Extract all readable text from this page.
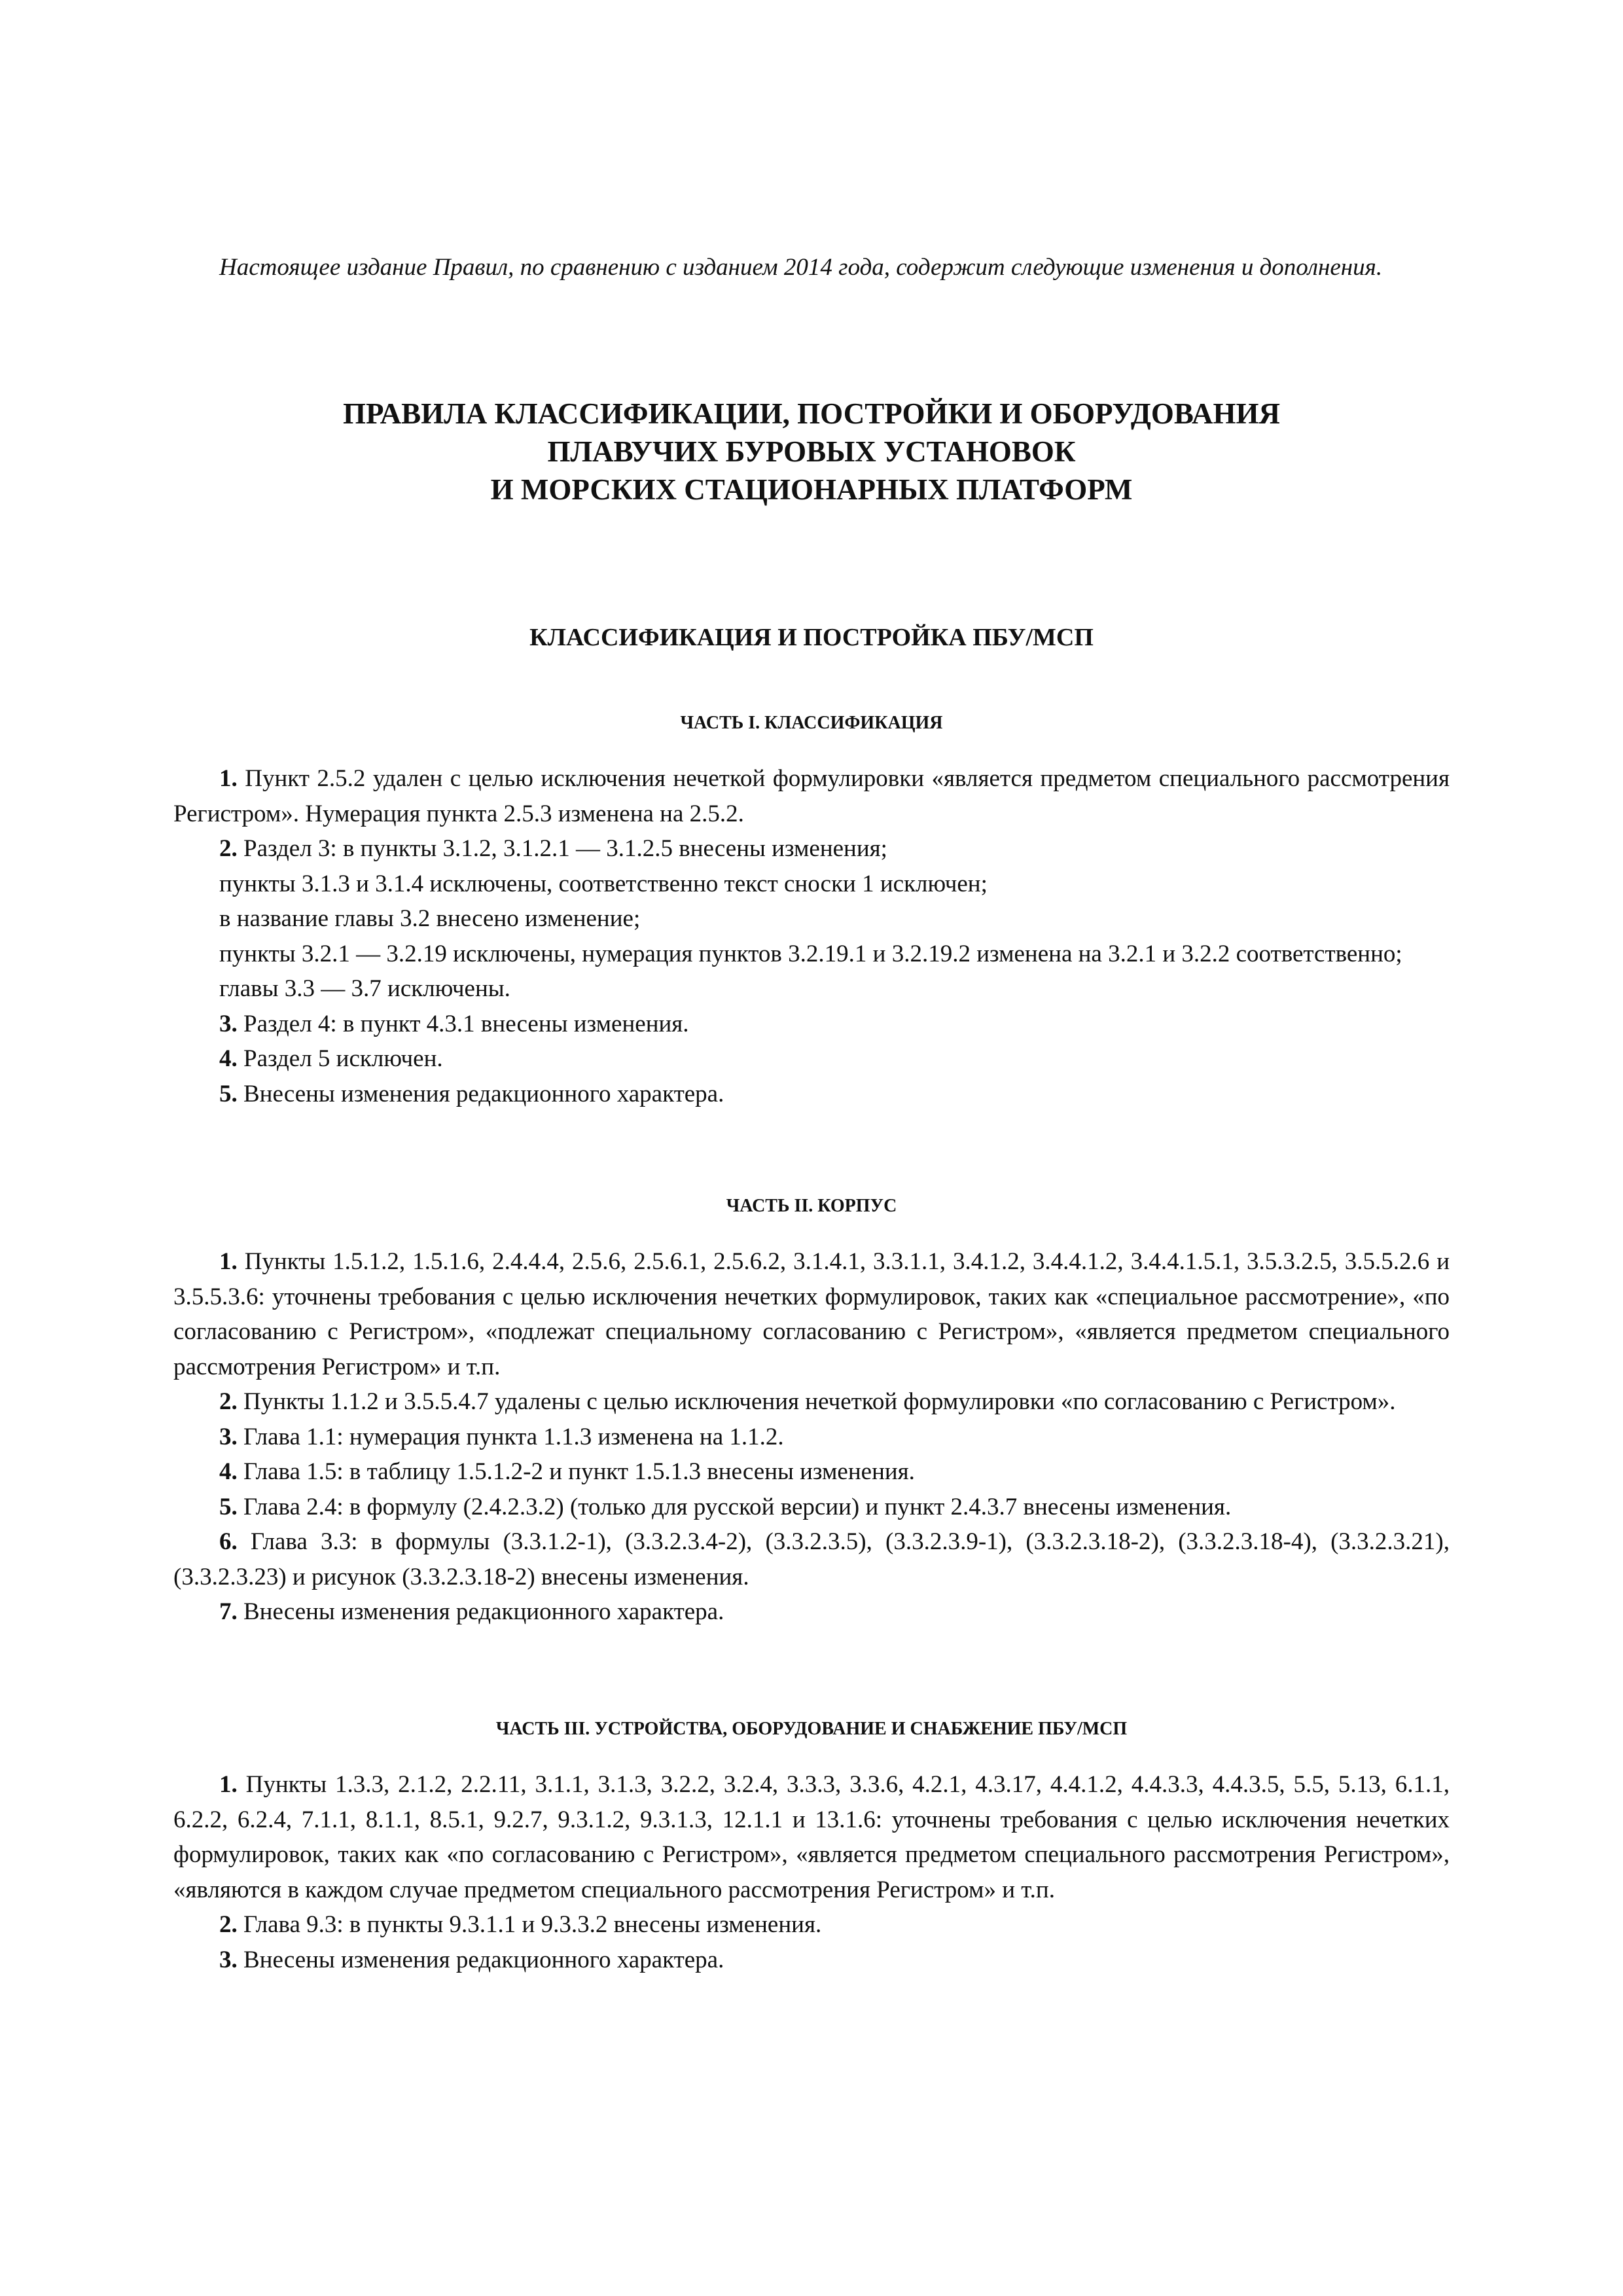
Настоящее издание Правил, по сравнению с изданием 2014 года, содержит следующие изменения и дополнения.

ПРАВИЛА КЛАССИФИКАЦИИ, ПОСТРОЙКИ И ОБОРУДОВАНИЯ
ПЛАВУЧИХ БУРОВЫХ УСТАНОВОК
И МОРСКИХ СТАЦИОНАРНЫХ ПЛАТФОРМ
КЛАССИФИКАЦИЯ И ПОСТРОЙКА ПБУ/МСП
ЧАСТЬ I. КЛАССИФИКАЦИЯ

1. Пункт 2.5.2 удален с целью исключения нечеткой формулировки «является предметом специального рассмотрения Регистром». Нумерация пункта 2.5.3 изменена на 2.5.2.

2. Раздел 3: в пункты 3.1.2, 3.1.2.1 — 3.1.2.5 внесены изменения;

пункты 3.1.3 и 3.1.4 исключены, соответственно текст сноски 1 исключен;

в название главы 3.2 внесено изменение;

пункты 3.2.1 — 3.2.19 исключены, нумерация пунктов 3.2.19.1 и 3.2.19.2 изменена на 3.2.1 и 3.2.2 соответственно;

главы 3.3 — 3.7 исключены.

3. Раздел 4: в пункт 4.3.1 внесены изменения.

4. Раздел 5 исключен.

5. Внесены изменения редакционного характера.

ЧАСТЬ II. КОРПУС

1. Пункты 1.5.1.2, 1.5.1.6, 2.4.4.4, 2.5.6, 2.5.6.1, 2.5.6.2, 3.1.4.1, 3.3.1.1, 3.4.1.2, 3.4.4.1.2, 3.4.4.1.5.1, 3.5.3.2.5, 3.5.5.2.6 и 3.5.5.3.6: уточнены требования с целью исключения нечетких формулировок, таких как «специальное рассмотрение», «по согласованию с Регистром», «подлежат специальному согласованию с Регистром», «является предметом специального рассмотрения Регистром» и т.п.

2. Пункты 1.1.2 и 3.5.5.4.7 удалены с целью исключения нечеткой формулировки «по согласованию с Регистром».

3. Глава 1.1: нумерация пункта 1.1.3 изменена на 1.1.2.

4. Глава 1.5: в таблицу 1.5.1.2-2 и пункт 1.5.1.3 внесены изменения.

5. Глава 2.4: в формулу (2.4.2.3.2) (только для русской версии) и пункт 2.4.3.7 внесены изменения.

6. Глава 3.3: в формулы (3.3.1.2-1), (3.3.2.3.4-2), (3.3.2.3.5), (3.3.2.3.9-1), (3.3.2.3.18-2), (3.3.2.3.18-4), (3.3.2.3.21), (3.3.2.3.23) и рисунок (3.3.2.3.18-2) внесены изменения.

7. Внесены изменения редакционного характера.

ЧАСТЬ III. УСТРОЙСТВА, ОБОРУДОВАНИЕ И СНАБЖЕНИЕ ПБУ/МСП

1. Пункты 1.3.3, 2.1.2, 2.2.11, 3.1.1, 3.1.3, 3.2.2, 3.2.4, 3.3.3, 3.3.6, 4.2.1, 4.3.17, 4.4.1.2, 4.4.3.3, 4.4.3.5, 5.5, 5.13, 6.1.1, 6.2.2, 6.2.4, 7.1.1, 8.1.1, 8.5.1, 9.2.7, 9.3.1.2, 9.3.1.3, 12.1.1 и 13.1.6: уточнены требования с целью исключения нечетких формулировок, таких как «по согласованию с Регистром», «является предметом специального рассмотрения Регистром», «являются в каждом случае предметом специального рассмотрения Регистром» и т.п.

2. Глава 9.3: в пункты 9.3.1.1 и 9.3.3.2 внесены изменения.

3. Внесены изменения редакционного характера.
